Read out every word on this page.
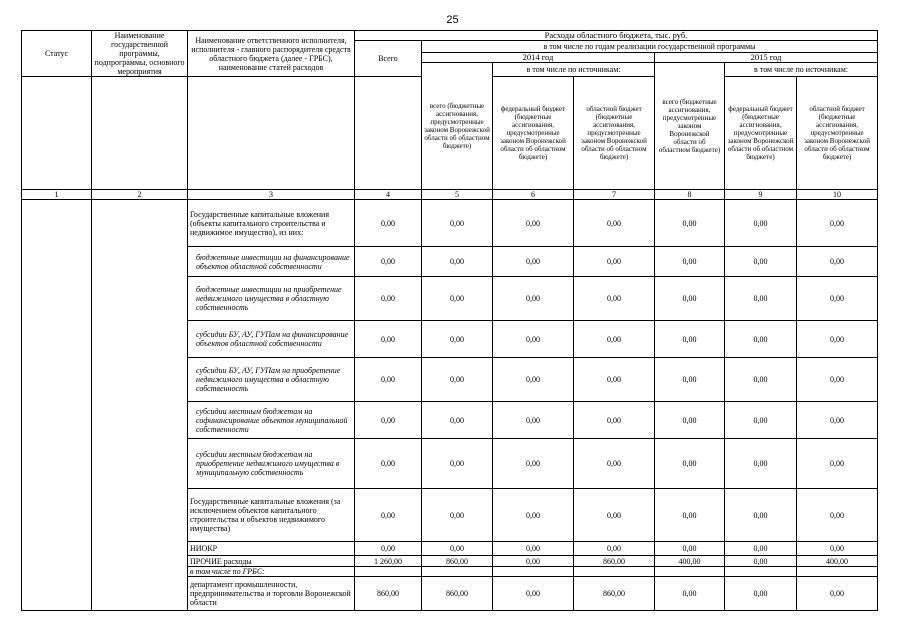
25
Статус	Наименование государственной программы, подпрограммы, основного мероприятия	Наименование ответственного исполнителя, исполнителя - главного распорядителя средств областного бюджета (далее - ГРБС), наименование статей расходов	Расходы областного бюджета, тыс. руб.						
			Всего	в том числе по годам реализации государственной программы					
				2014 год			2015 год		
				всего (бюджетные ассигнования, предусмотренные законом Воронежской области об областном бюджете)	в том числе по источникам:		всего (бюджетные ассигнования, предусмотренные законом Воронежской области об областном бюджете)	в том числе по источникам:	
					федеральный бюджет (бюджетные ассигнования, предусмотренные законом Воронежской области об областном бюджете)	областной бюджет (бюджетные ассигнования, предусмотренные законом Воронежской области об областном бюджете)		федеральный бюджет (бюджетные ассигнования, предусмотренные законом Воронежской области об областном бюджете)	областной бюджет (бюджетные ассигнования, предусмотренные законом Воронежской области об областном бюджете)
1	2	3	4	5	6	7	8	9	10
		Государственные капитальные вложения (объекты капитального строительства и недвижимое имущество), из них:	0,00	0,00	0,00	0,00	0,00	0,00	0,00
		бюджетные инвестиции на финансирование объектов областной собственности	0,00	0,00	0,00	0,00	0,00	0,00	0,00
		бюджетные инвестиции на приобретение недвижимого имущества в областную собственность	0,00	0,00	0,00	0,00	0,00	0,00	0,00
		субсидии БУ, АУ, ГУПам на финансирование объектов областной собственности	0,00	0,00	0,00	0,00	0,00	0,00	0,00
		субсидии БУ, АУ, ГУПам на приобретение недвижимого имущества в областную собственность	0,00	0,00	0,00	0,00	0,00	0,00	0,00
		субсидии местным бюджетам на софинансирование объектов муниципальной собственности	0,00	0,00	0,00	0,00	0,00	0,00	0,00
		субсидии местным бюджетам на приобретение недвижимого имущества в муниципальную собственность	0,00	0,00	0,00	0,00	0,00	0,00	0,00
		Государственные капитальные вложения (за исключением объектов капитального строительства и объектов недвижимого имущества)	0,00	0,00	0,00	0,00	0,00	0,00	0,00
		НИОКР	0,00	0,00	0,00	0,00	0,00	0,00	0,00
		ПРОЧИЕ расходы	1 260,00	860,00	0,00	860,00	400,00	0,00	400,00
		в том числе по ГРБС:							
		департамент промышленности, предпринимательства и торговли Воронежской области	860,00	860,00	0,00	860,00	0,00	0,00	0,00
